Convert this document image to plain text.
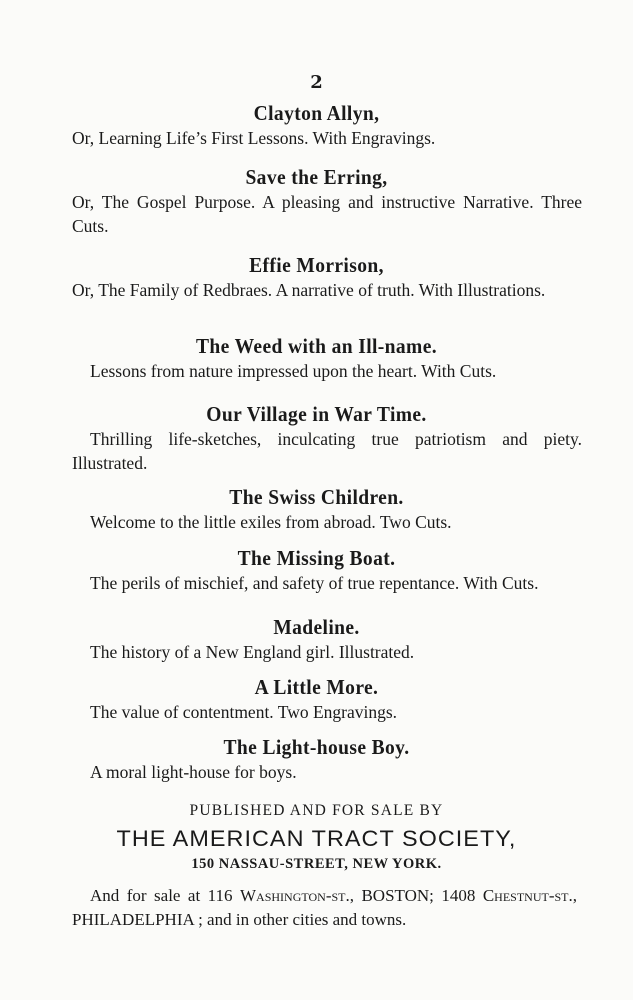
2
Clayton Allyn,
Or, Learning Life’s First Lessons. With Engravings.
Save the Erring,
Or, The Gospel Purpose. A pleasing and instructive Narrative. Three Cuts.
Effie Morrison,
Or, The Family of Redbraes. A narrative of truth. With Illustrations.
The Weed with an Ill-name.
Lessons from nature impressed upon the heart. With Cuts.
Our Village in War Time.
Thrilling life-sketches, inculcating true patriotism and piety. Illustrated.
The Swiss Children.
Welcome to the little exiles from abroad. Two Cuts.
The Missing Boat.
The perils of mischief, and safety of true repentance. With Cuts.
Madeline.
The history of a New England girl. Illustrated.
A Little More.
The value of contentment. Two Engravings.
The Light-house Boy.
A moral light-house for boys.
PUBLISHED AND FOR SALE BY
THE AMERICAN TRACT SOCIETY,
150 NASSAU-STREET, NEW YORK.
And for sale at 116 Washington-st., BOSTON; 1408 Chestnut-st., PHILADELPHIA ; and in other cities and towns.
